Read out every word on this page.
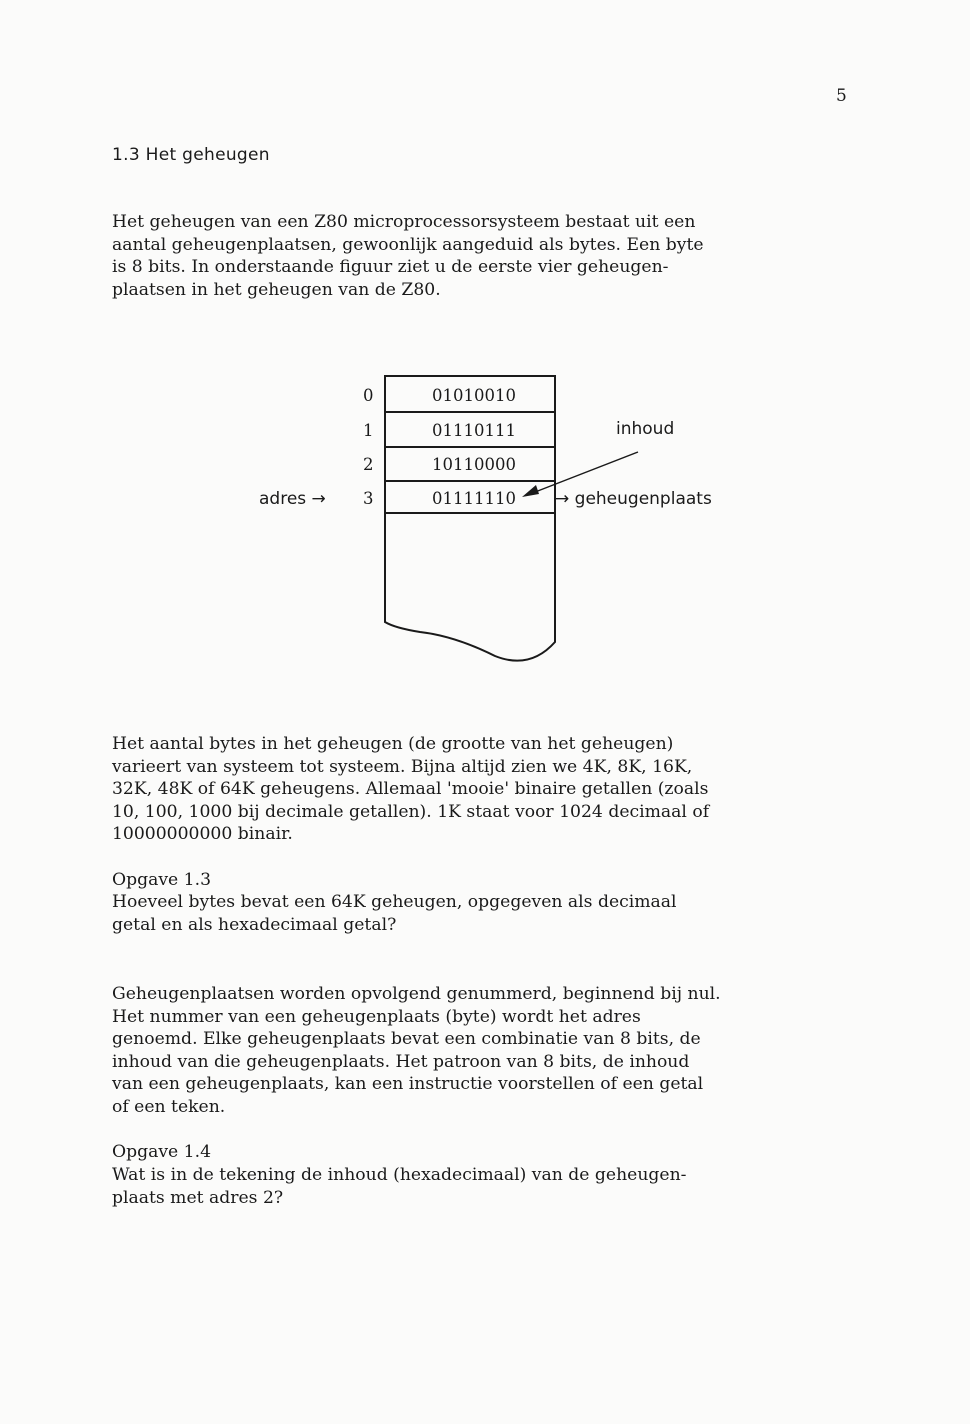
5
1.3 Het geheugen

Het geheugen van een Z80 microprocessorsysteem bestaat uit een
aantal geheugenplaatsen, gewoonlijk aangeduid als bytes. Een byte
is 8 bits. In onderstaande figuur ziet u de eerste vier geheugen-
plaatsen in het geheugen van de Z80.

0
1
2
3
01010010
01110111
10110000
01111110
adres →
inhoud
→ geheugenplaats

Het aantal bytes in het geheugen (de grootte van het geheugen)
varieert van systeem tot systeem. Bijna altijd zien we 4K, 8K, 16K,
32K, 48K of 64K geheugens. Allemaal 'mooie' binaire getallen (zoals
10, 100, 1000 bij decimale getallen). 1K staat voor 1024 decimaal of
10000000000 binair.

Opgave 1.3

Hoeveel bytes bevat een 64K geheugen, opgegeven als decimaal
getal en als hexadecimaal getal?

Geheugenplaatsen worden opvolgend genummerd, beginnend bij nul.
Het nummer van een geheugenplaats (byte) wordt het adres
genoemd. Elke geheugenplaats bevat een combinatie van 8 bits, de
inhoud van die geheugenplaats. Het patroon van 8 bits, de inhoud
van een geheugenplaats, kan een instructie voorstellen of een getal
of een teken.

Opgave 1.4

Wat is in de tekening de inhoud (hexadecimaal) van de geheugen-
plaats met adres 2?
